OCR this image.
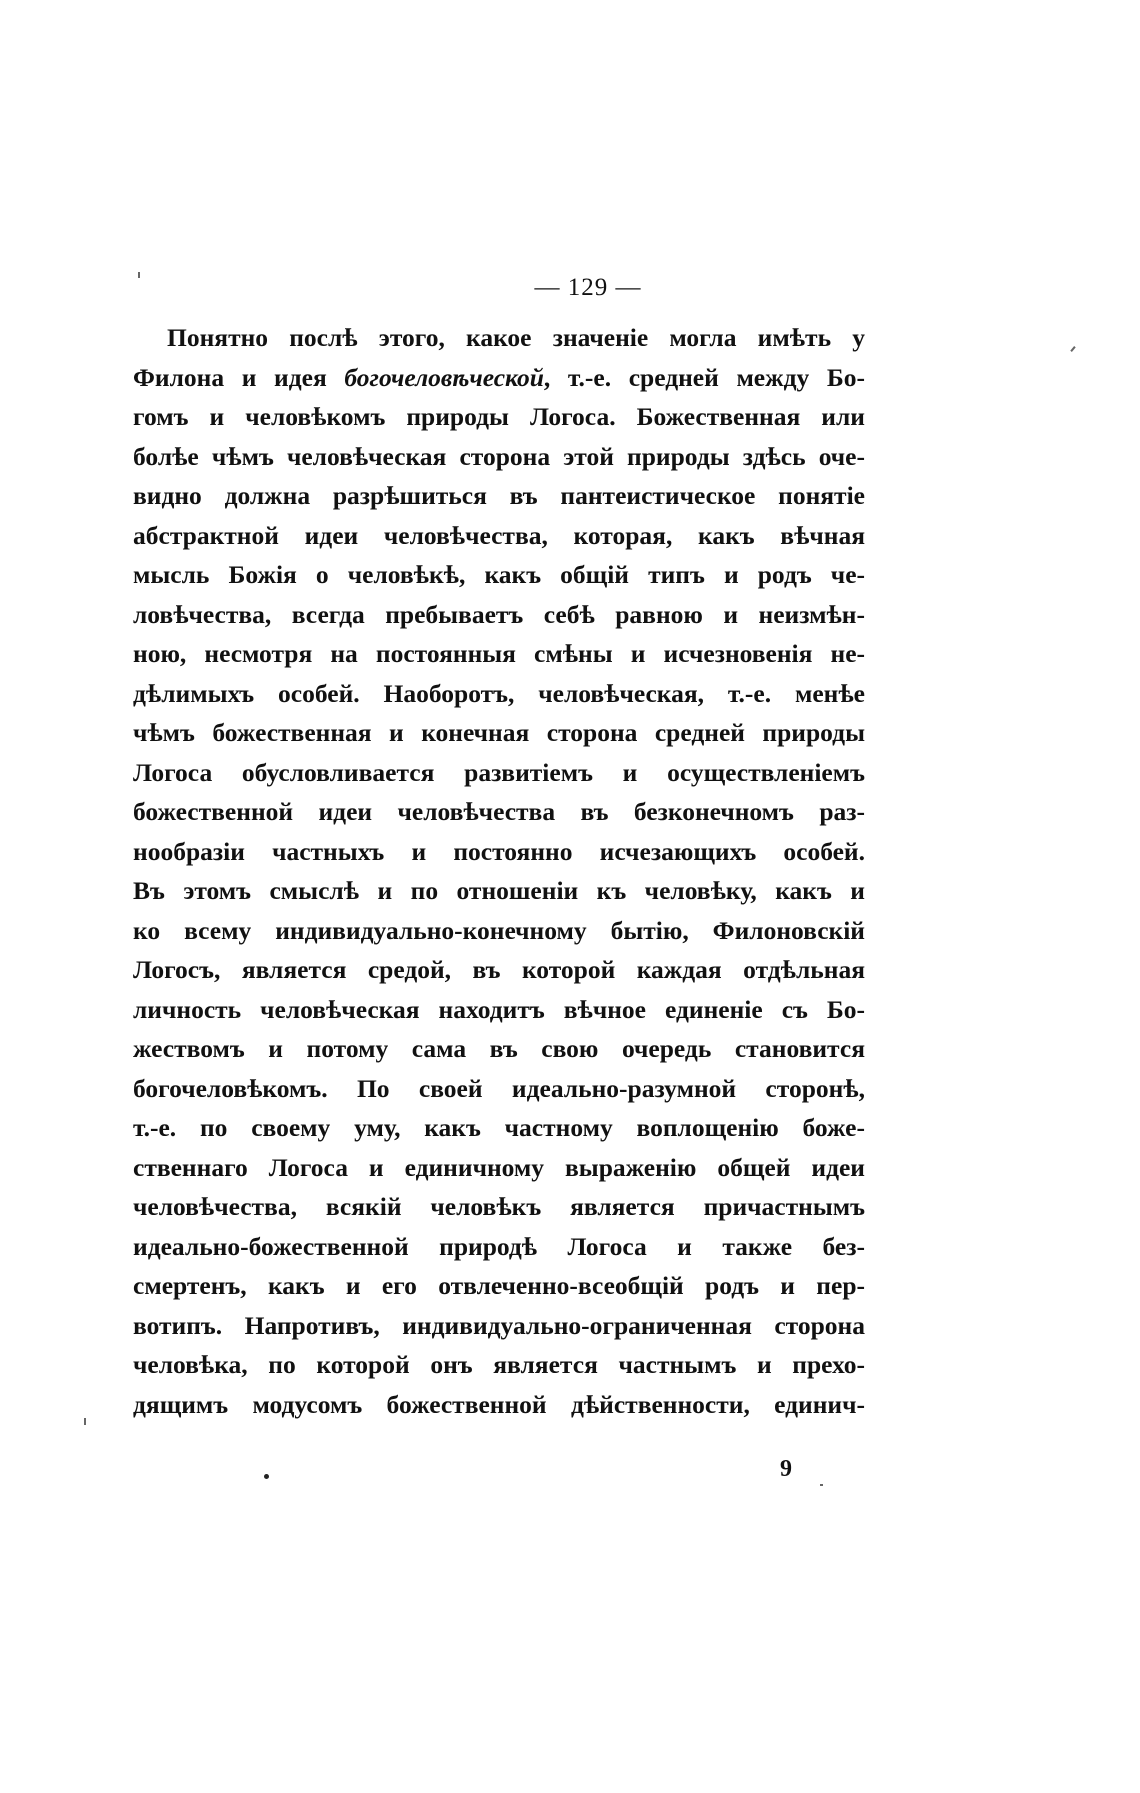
— 129 —
Понятно послѣ этого, какое значенiе могла имѣть у
Филона и идея богочеловѣческой, т.-е. средней между Бо-
гомъ и человѣкомъ природы Логоса. Божественная или
болѣе чѣмъ человѣческая сторона этой природы здѣсь оче-
видно должна разрѣшиться въ пантеистическое понятiе
абстрактной идеи человѣчества, которая, какъ вѣчная
мысль Божiя о человѣкѣ, какъ общiй типъ и родъ че-
ловѣчества, всегда пребываетъ себѣ равною и неизмѣн-
ною, несмотря на постоянныя смѣны и исчезновенiя не-
дѣлимыхъ особей. Наоборотъ, человѣческая, т.-е. менѣе
чѣмъ божественная и конечная сторона средней природы
Логоса обусловливается развитiемъ и осуществленiемъ
божественной идеи человѣчества въ безконечномъ раз-
нообразiи частныхъ и постоянно исчезающихъ особей.
Въ этомъ смыслѣ и по отношенiи къ человѣку, какъ и
ко всему индивидуально-конечному бытiю, Филоновскiй
Логосъ, является средой, въ которой каждая отдѣльная
личность человѣческая находитъ вѣчное единенiе съ Бо-
жествомъ и потому сама въ свою очередь становится
богочеловѣкомъ. По своей идеально-разумной сторонѣ,
т.-е. по своему уму, какъ частному воплощенiю боже-
ственнаго Логоса и единичному выраженiю общей идеи
человѣчества, всякiй человѣкъ является причастнымъ
идеально-божественной природѣ Логоса и также без-
смертенъ, какъ и его отвлеченно-всеобщiй родъ и пер-
вотипъ. Напротивъ, индивидуально-ограниченная сторона
человѣка, по которой онъ является частнымъ и прехо-
дящимъ модусомъ божественной дѣйственности, единич-
9
